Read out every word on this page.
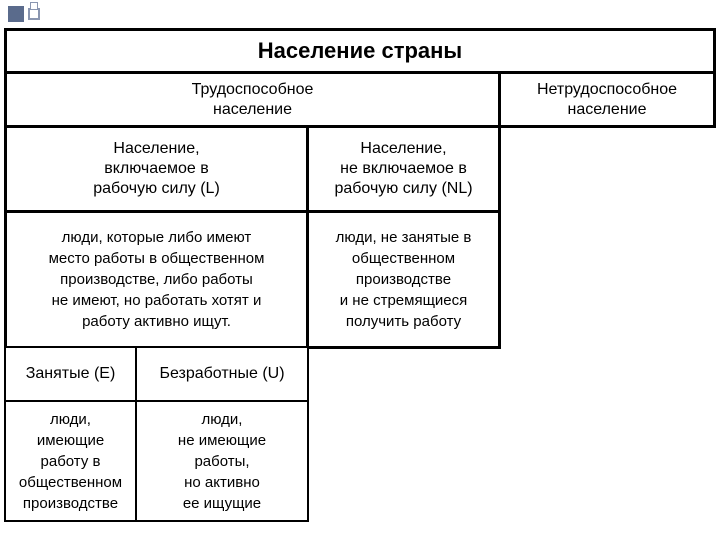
Население страны
Трудоспособное
население
Нетрудоспособное
население
Население,
включаемое в
рабочую силу (L)
Население,
не включаемое в
рабочую силу (NL)
люди, которые либо имеют
место работы в общественном
производстве, либо работы
не имеют, но работать хотят и
работу активно ищут.
люди, не занятые в
общественном
производстве
и не стремящиеся
получить работу
Занятые (E)	Безработные (U)
люди,
имеющие
работу в
общественном
производстве
люди,
не имеющие
работы,
но активно
ее ищущие
